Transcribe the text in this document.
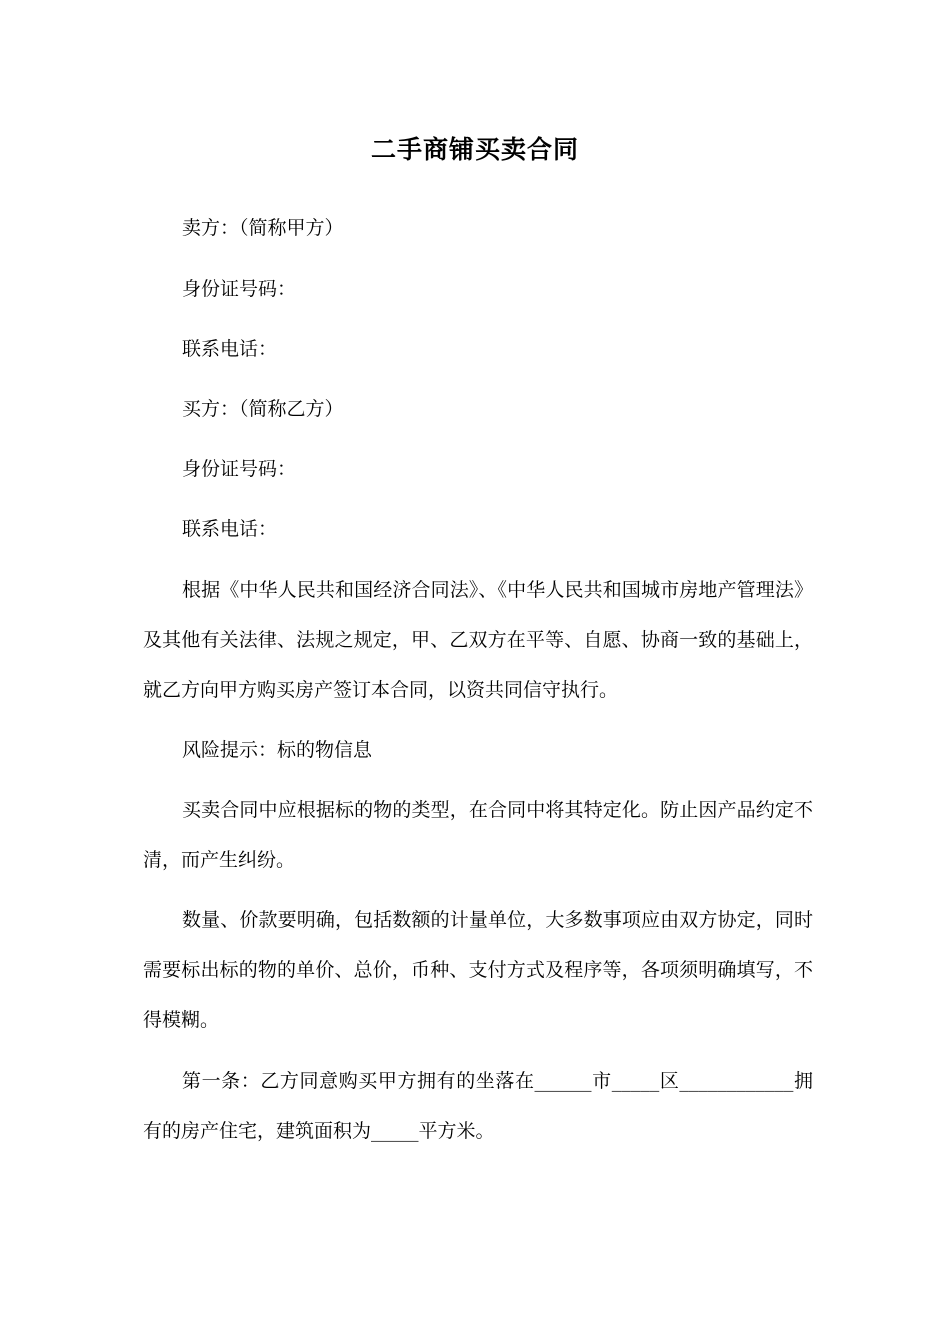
二手商铺买卖合同
卖方：（简称甲方）
身份证号码：
联系电话：
买方：（简称乙方）
身份证号码：
联系电话：
根据《中华人民共和国经济合同法》、《中华人民共和国城市房地产管理法》及其他有关法律、法规之规定，甲、乙双方在平等、自愿、协商一致的基础上，就乙方向甲方购买房产签订本合同，以资共同信守执行。
风险提示：标的物信息
买卖合同中应根据标的物的类型，在合同中将其特定化。防止因产品约定不清，而产生纠纷。
数量、价款要明确，包括数额的计量单位，大多数事项应由双方协定，同时需要标出标的物的单价、总价，币种、支付方式及程序等，各项须明确填写，不得模糊。
第一条：乙方同意购买甲方拥有的坐落在______市_____区____________拥有的房产住宅，建筑面积为_____平方米。
